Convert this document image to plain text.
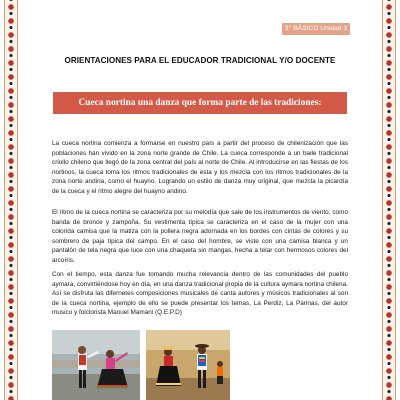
3° BÁSICO Unidad 3
ORIENTACIONES PARA EL EDUCADOR TRADICIONAL Y/O DOCENTE
Cueca nortina una danza que forma parte de las tradiciones:

La cueca nortina comienza a formarse en nuestro país a partir del proceso de chilenización que las poblaciones han vivido en la zona norte grande de Chile. La cueca corresponde a un baile tradicional criollo chileno que llegó de la zona central del país al norte de Chile. Al introducirse en las fiestas de los nortinos, la cueca toma los ritmos tradicionales de esta y los mezcla con los ritmos tradicionales de la zona norte andina, como el huayno. Logrando un estilo de danza muy original, que mezcla la picardía de la cueca y el ritmo alegre del huayno andino.

El ritmo de la cueca nortina se caracteriza por su melodía que sale de los instrumentos de viento, como banda de bronce y zampoña. Su vestimenta típica se caracteriza en el caso de la mujer con una colorida camisa que la matiza con la pollera negra adornada en los bordes con cintas de colores y su sombrero de paja típica del campo. En el caso del hombre, se viste con una camisa blanca y un pantalón de tela negra que luce con una chaqueta sin mangas, hecha a telar con hermosos colores del arcoíris.

Con el tiempo, esta danza fue tomando mucha relevancia dentro de las comunidades del pueblo aymara, convirtiéndose hoy en día, en una danza tradicional propia de la cultura aymara nortina chilena. Así se disfruta las difernetes composiciones musicales de canta autores y músicos tradicionales al son de la cueca nortina, ejemplo de ello se puede presentar los temas, La Perdiz, La Parinas, del autor musico y folclorista Manuel Mamani (Q.E.P.D)
